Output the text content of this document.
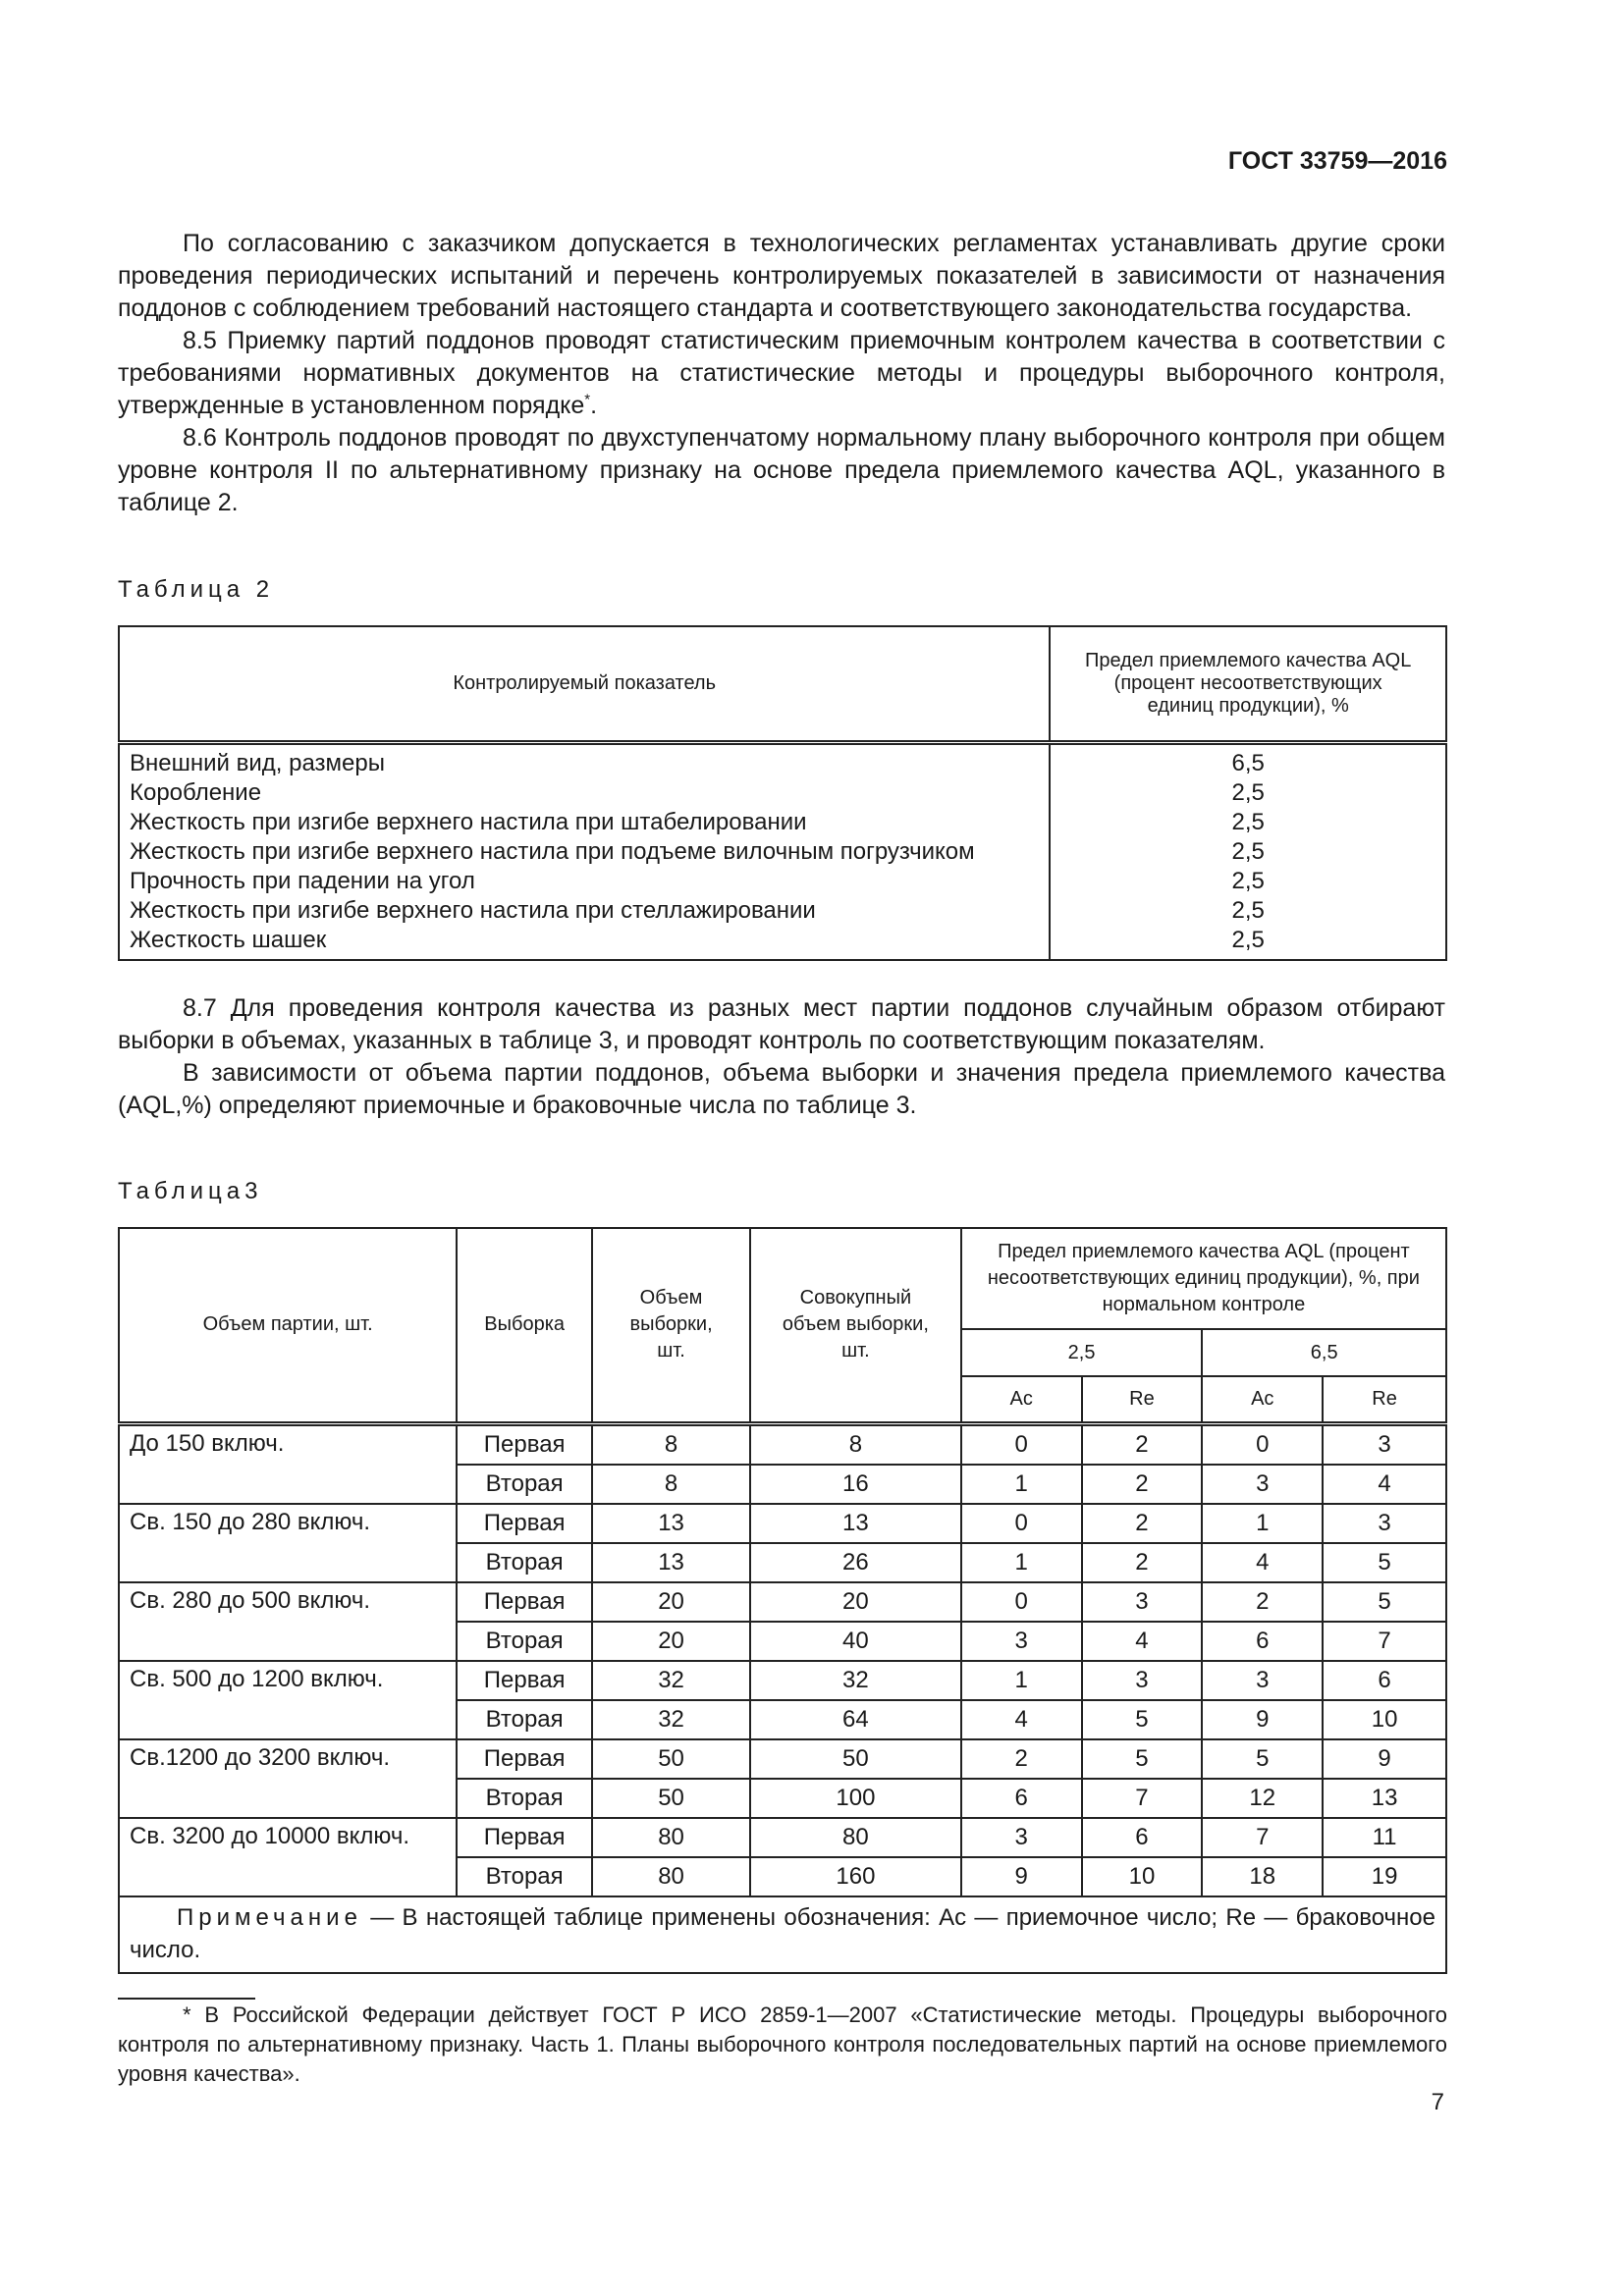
ГОСТ 33759—2016

По согласованию с заказчиком допускается в технологических регламентах устанавливать другие сроки проведения периодических испытаний и перечень контролируемых показателей в зависимости от назначения поддонов с соблюдением требований настоящего стандарта и соответствующего законодательства государства.

8.5 Приемку партий поддонов проводят статистическим приемочным контролем качества в соответствии с требованиями нормативных документов на статистические методы и процедуры выборочного контроля, утвержденные в установленном порядке*.

8.6 Контроль поддонов проводят по двухступенчатому нормальному плану выборочного контроля при общем уровне контроля II по альтернативному признаку на основе предела приемлемого качества AQL, указанного в таблице 2.

Таблица 2
Контролируемый показатель	Предел приемлемого качества AQL (процент несоответствующих единиц продукции), %
Внешний вид, размеры	6,5
Коробление	2,5
Жесткость при изгибе верхнего настила при штабелировании	2,5
Жесткость при изгибе верхнего настила при подъеме вилочным погрузчиком	2,5
Прочность при падении на угол	2,5
Жесткость при изгибе верхнего настила при стеллажировании	2,5
Жесткость шашек	2,5

8.7 Для проведения контроля качества из разных мест партии поддонов случайным образом отбирают выборки в объемах, указанных в таблице 3, и проводят контроль по соответствующим показателям.

В зависимости от объема партии поддонов, объема выборки и значения предела приемлемого качества (AQL,%) определяют приемочные и браковочные числа по таблице 3.

Таблица3
Объем партии, шт.	Выборка	Объем выборки, шт.	Совокупный объем выборки, шт.	Предел приемлемого качества AQL (процент несоответствующих единиц продукции), %, при нормальном контроле			
				2,5		6,5	
				Ac	Re	Ac	Re
До 150 включ.	Первая	8	8	0	2	0	3
	Вторая	8	16	1	2	3	4
Св. 150 до 280 включ.	Первая	13	13	0	2	1	3
	Вторая	13	26	1	2	4	5
Св. 280 до 500 включ.	Первая	20	20	0	3	2	5
	Вторая	20	40	3	4	6	7
Св. 500 до 1200 включ.	Первая	32	32	1	3	3	6
	Вторая	32	64	4	5	9	10
Св.1200 до 3200 включ.	Первая	50	50	2	5	5	9
	Вторая	50	100	6	7	12	13
Св. 3200 до 10000 включ.	Первая	80	80	3	6	7	11
	Вторая	80	160	9	10	18	19
Примечание — В настоящей таблице применены обозначения: Ac — приемочное число; Re — браковочное число.							
* В Российской Федерации действует ГОСТ Р ИСО 2859-1—2007 «Статистические методы. Процедуры выборочного контроля по альтернативному признаку. Часть 1. Планы выборочного контроля последовательных партий на основе приемлемого уровня качества».
7
